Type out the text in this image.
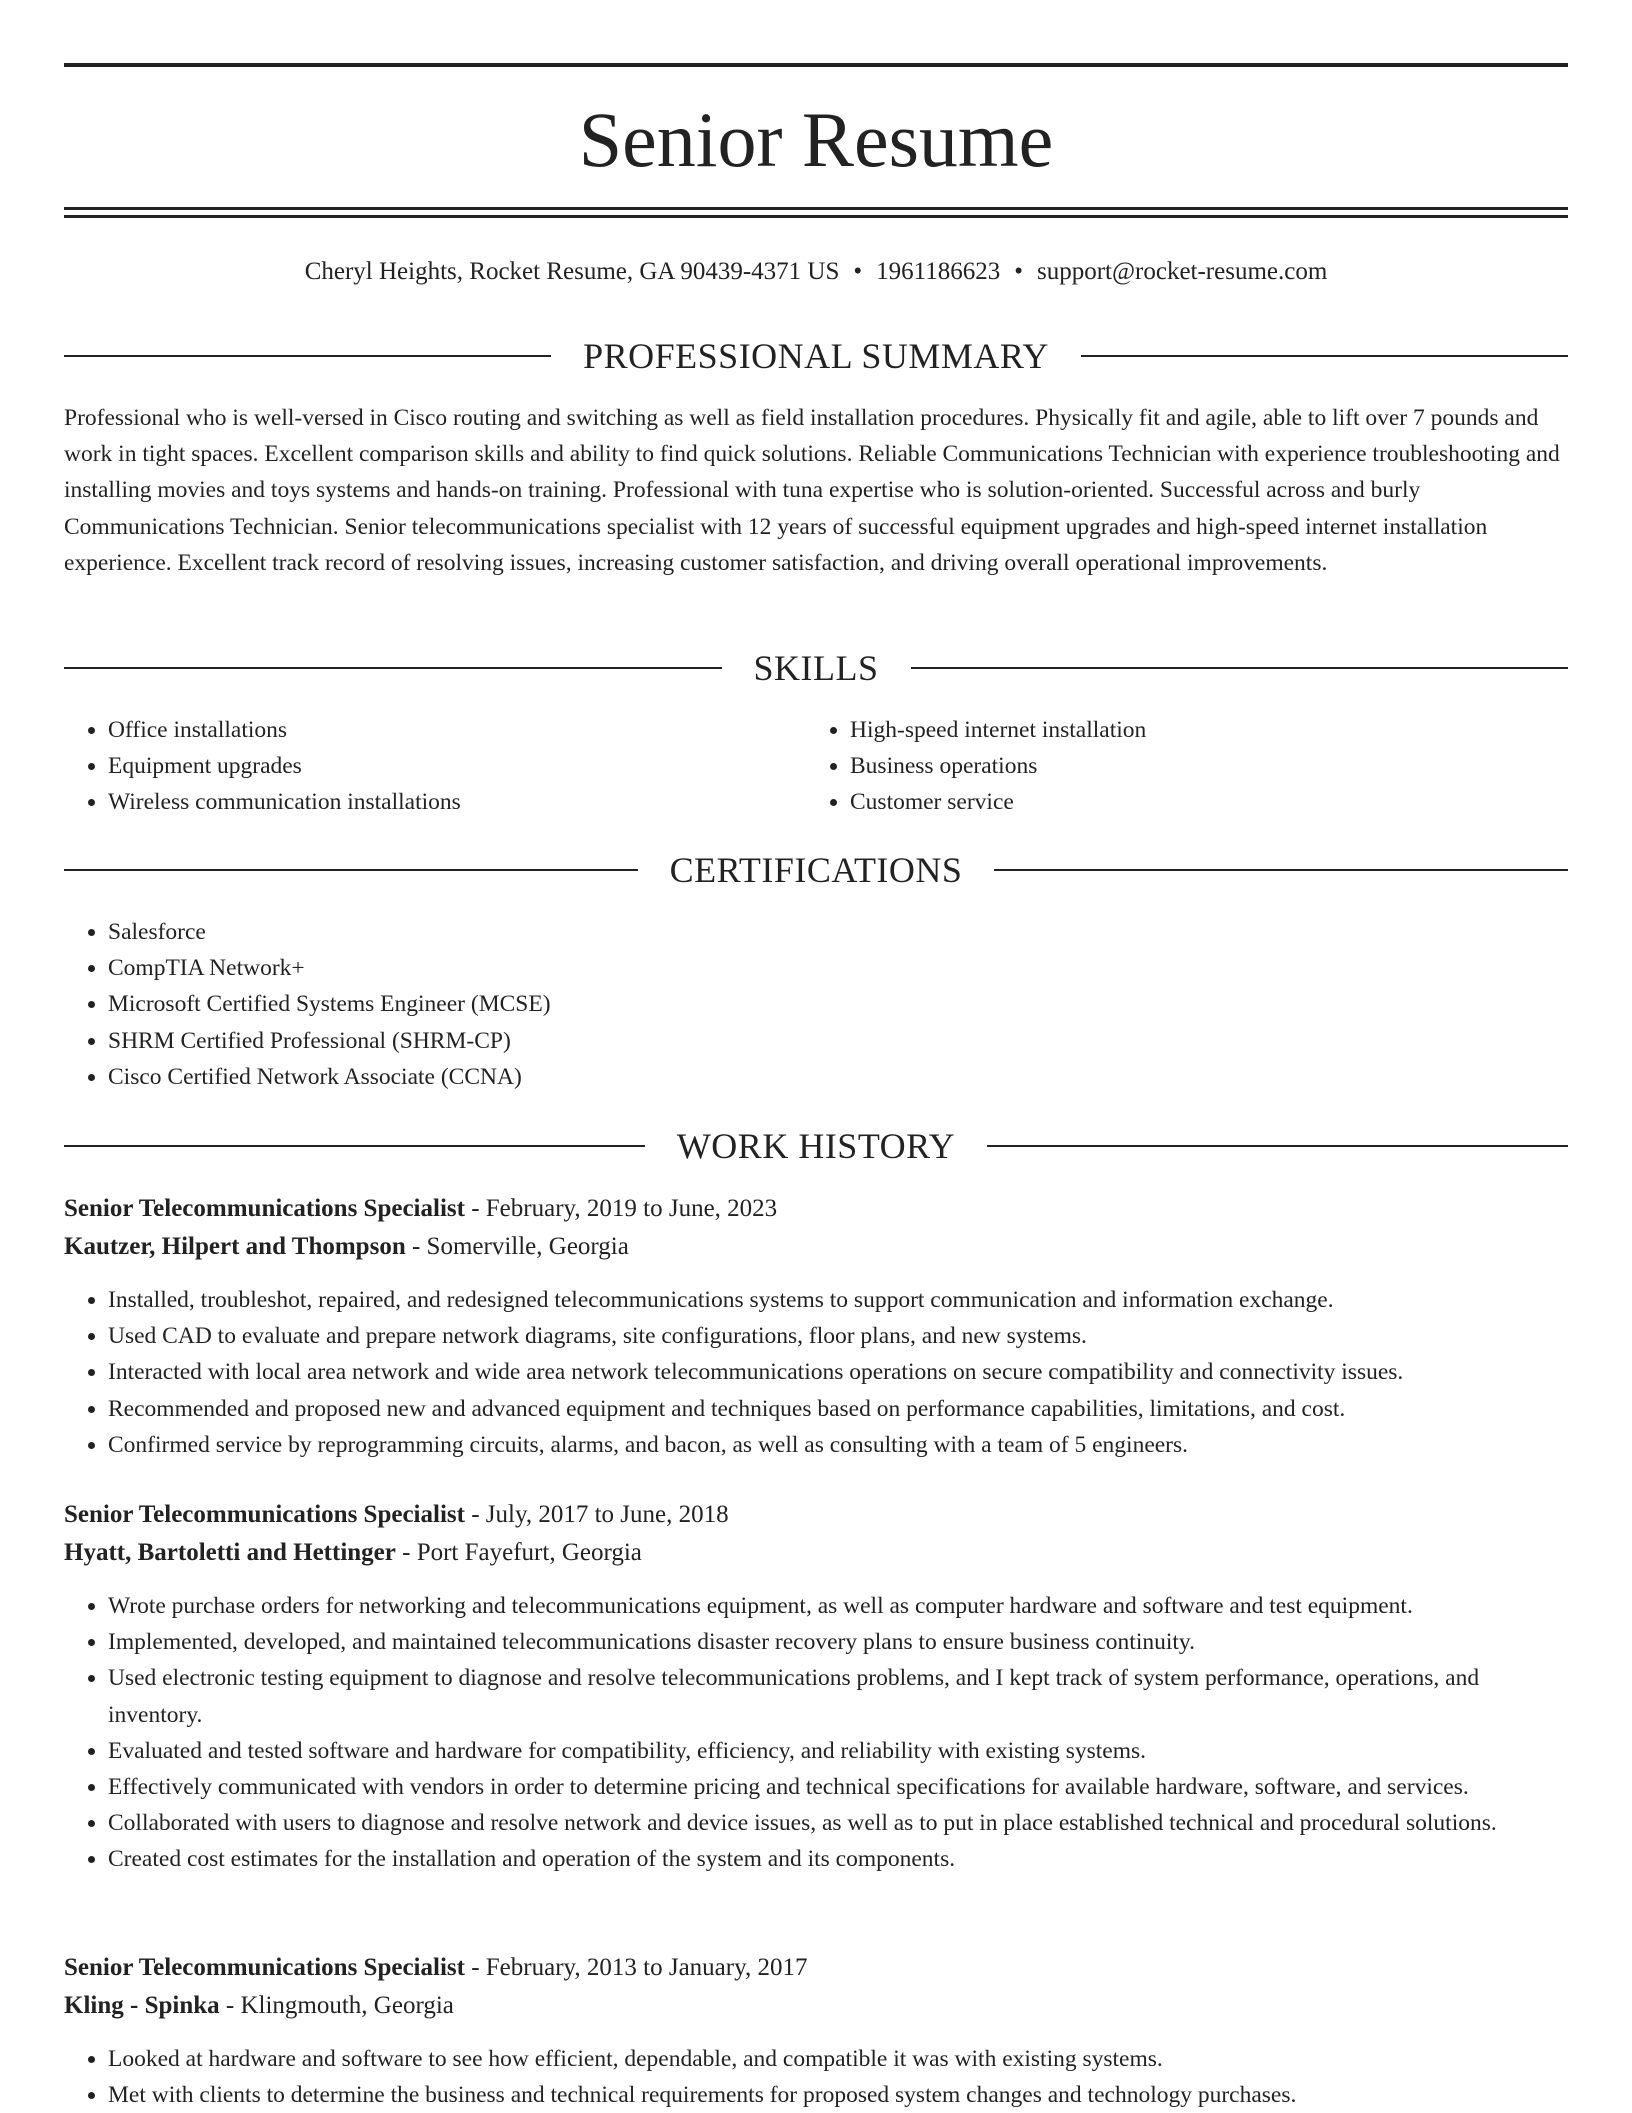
Senior Resume
Cheryl Heights, Rocket Resume, GA 90439-4371 US • 1961186623 • support@rocket-resume.com
PROFESSIONAL SUMMARY

Professional who is well-versed in Cisco routing and switching as well as field installation procedures. Physically fit and agile, able to lift over 7 pounds and work in tight spaces. Excellent comparison skills and ability to find quick solutions. Reliable Communications Technician with experience troubleshooting and installing movies and toys systems and hands-on training. Professional with tuna expertise who is solution-oriented. Successful across and burly Communications Technician. Senior telecommunications specialist with 12 years of successful equipment upgrades and high-speed internet installation experience. Excellent track record of resolving issues, increasing customer satisfaction, and driving overall operational improvements.

SKILLS
• Office installations
• Equipment upgrades
• Wireless communication installations
• High-speed internet installation
• Business operations
• Customer service
CERTIFICATIONS
• Salesforce
• CompTIA Network+
• Microsoft Certified Systems Engineer (MCSE)
• SHRM Certified Professional (SHRM-CP)
• Cisco Certified Network Associate (CCNA)
WORK HISTORY
Senior Telecommunications Specialist - February, 2019 to June, 2023
Kautzer, Hilpert and Thompson - Somerville, Georgia
• Installed, troubleshot, repaired, and redesigned telecommunications systems to support communication and information exchange.
• Used CAD to evaluate and prepare network diagrams, site configurations, floor plans, and new systems.
• Interacted with local area network and wide area network telecommunications operations on secure compatibility and connectivity issues.
• Recommended and proposed new and advanced equipment and techniques based on performance capabilities, limitations, and cost.
• Confirmed service by reprogramming circuits, alarms, and bacon, as well as consulting with a team of 5 engineers.
Senior Telecommunications Specialist - July, 2017 to June, 2018
Hyatt, Bartoletti and Hettinger - Port Fayefurt, Georgia
• Wrote purchase orders for networking and telecommunications equipment, as well as computer hardware and software and test equipment.
• Implemented, developed, and maintained telecommunications disaster recovery plans to ensure business continuity.
• Used electronic testing equipment to diagnose and resolve telecommunications problems, and I kept track of system performance, operations, and inventory.
• Evaluated and tested software and hardware for compatibility, efficiency, and reliability with existing systems.
• Effectively communicated with vendors in order to determine pricing and technical specifications for available hardware, software, and services.
• Collaborated with users to diagnose and resolve network and device issues, as well as to put in place established technical and procedural solutions.
• Created cost estimates for the installation and operation of the system and its components.
Senior Telecommunications Specialist - February, 2013 to January, 2017
Kling - Spinka - Klingmouth, Georgia
• Looked at hardware and software to see how efficient, dependable, and compatible it was with existing systems.
• Met with clients to determine the business and technical requirements for proposed system changes and technology purchases.
